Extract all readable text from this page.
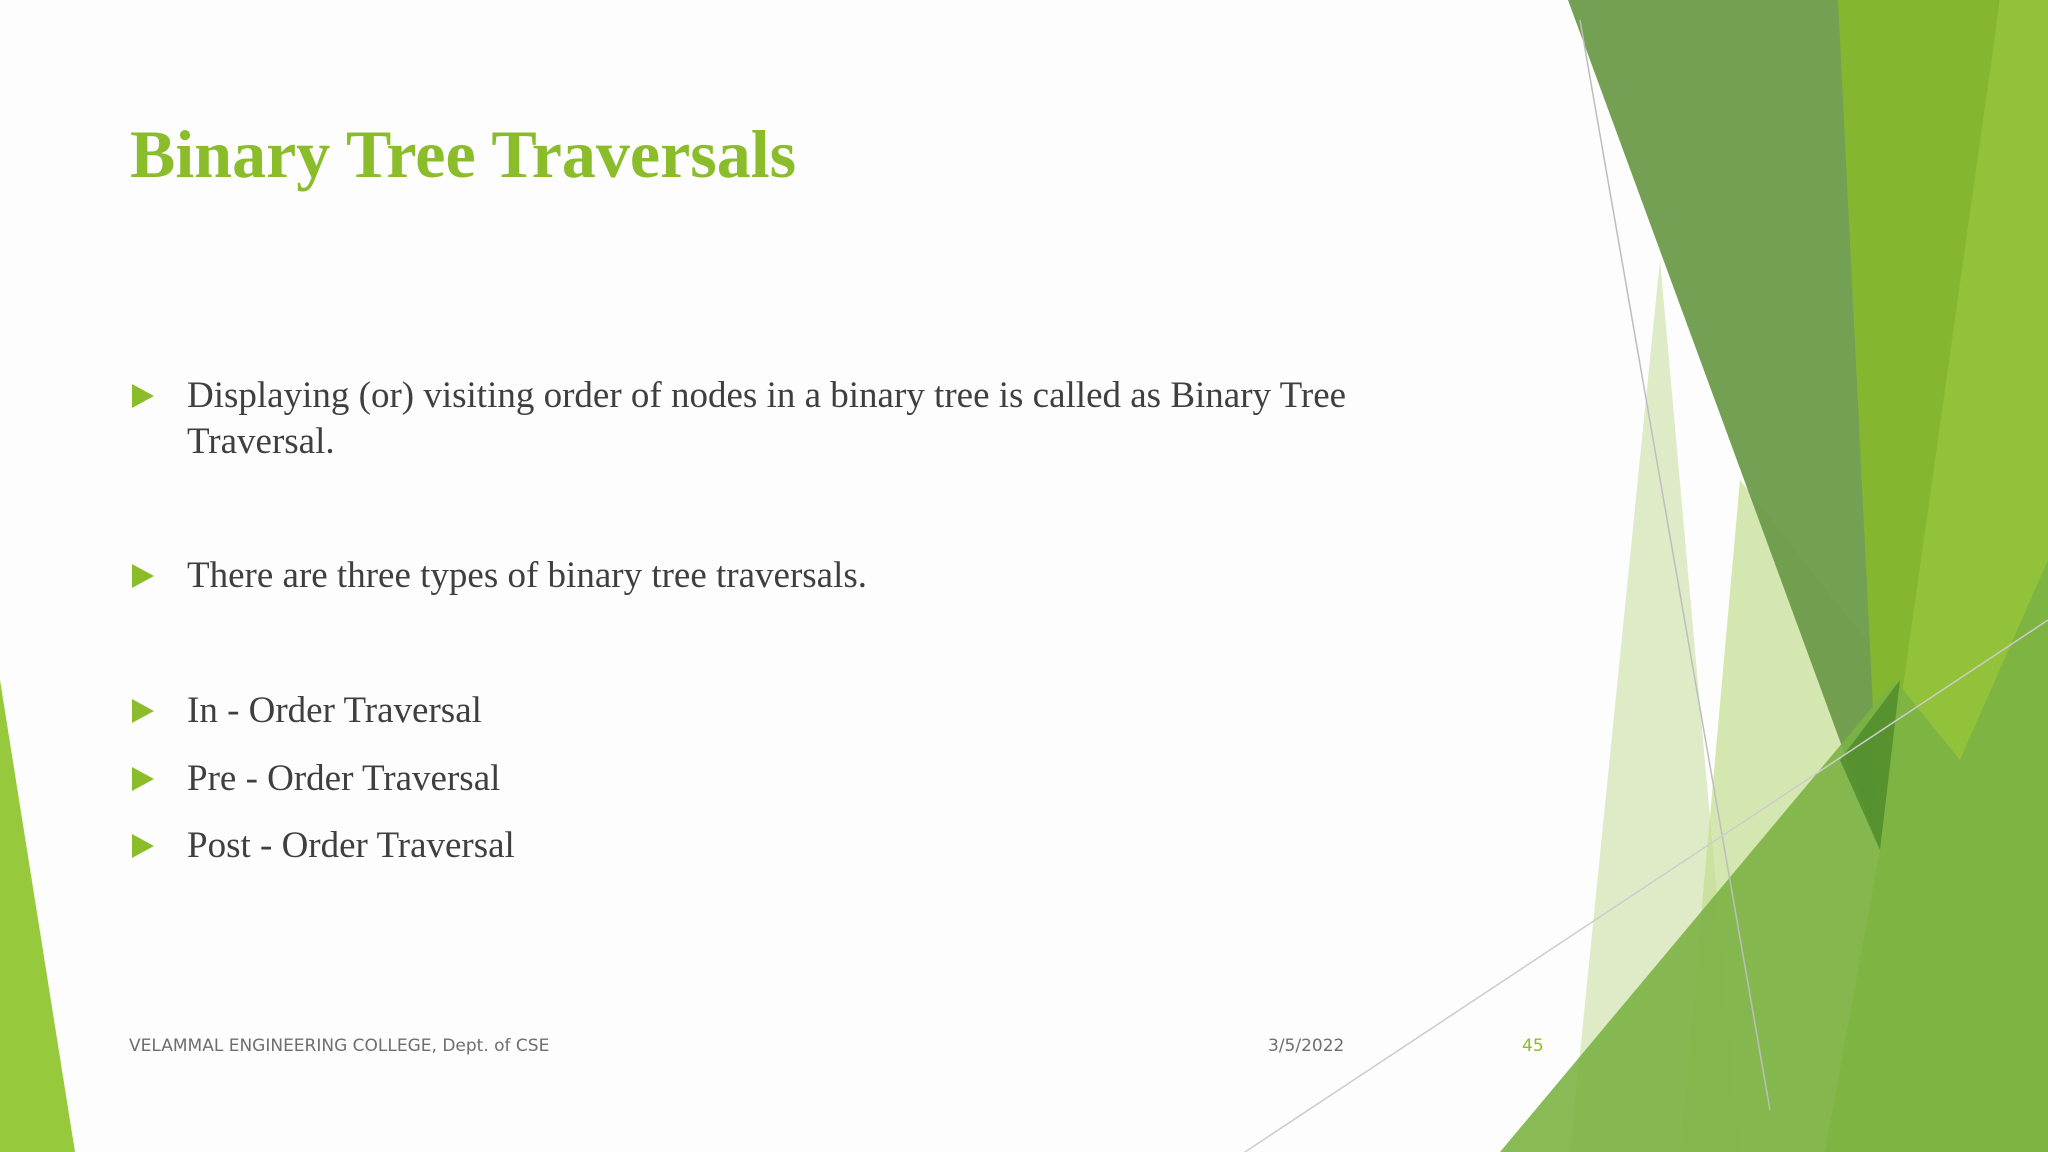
Binary Tree Traversals
Displaying (or) visiting order of nodes in a binary tree is called as Binary Tree Traversal.
There are three types of binary tree traversals.
In - Order Traversal
Pre - Order Traversal
Post - Order Traversal
VELAMMAL ENGINEERING COLLEGE, Dept. of CSE	3/5/2022	45
